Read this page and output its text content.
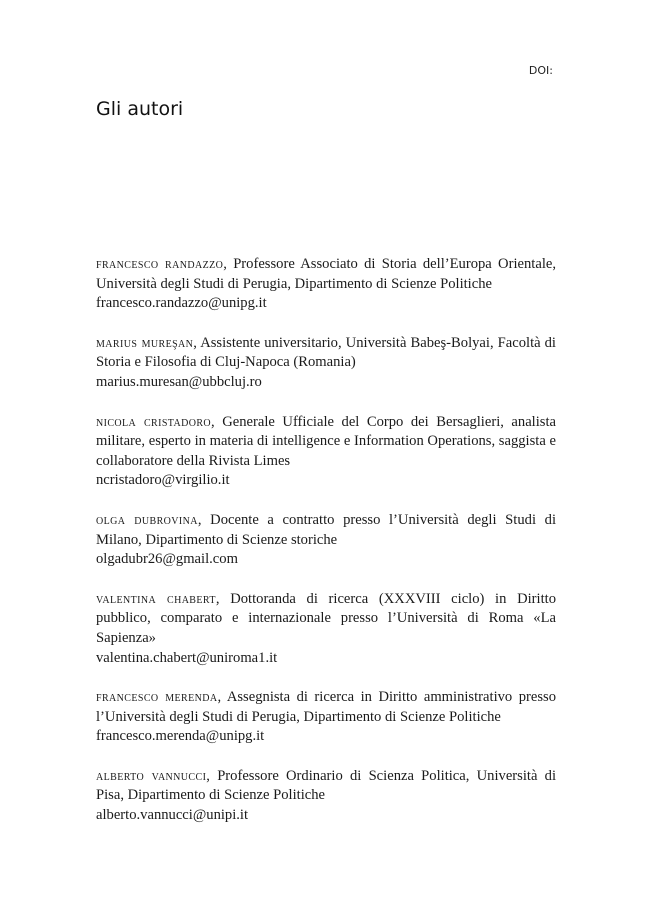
DOI:
Gli autori
francesco randazzo, Professore Associato di Storia dell’Europa Orientale, Università degli Studi di Perugia, Dipartimento di Scienze Politiche
francesco.randazzo@unipg.it
marius mureşan, Assistente universitario, Università Babeş-Bolyai, Facoltà di Storia e Filosofia di Cluj-Napoca (Romania)
marius.muresan@ubbcluj.ro
nicola cristadoro, Generale Ufficiale del Corpo dei Bersaglieri, analista militare, esperto in materia di intelligence e Information Operations, saggista e collaboratore della Rivista Limes
ncristadoro@virgilio.it
olga dubrovina, Docente a contratto presso l’Università degli Studi di Milano, Dipartimento di Scienze storiche
olgadubr26@gmail.com
valentina chabert, Dottoranda di ricerca (XXXVIII ciclo) in Diritto pubblico, comparato e internazionale presso l’Università di Roma «La Sapienza»
valentina.chabert@uniroma1.it
francesco merenda, Assegnista di ricerca in Diritto amministrativo presso l’Università degli Studi di Perugia, Dipartimento di Scienze Politiche
francesco.merenda@unipg.it
alberto vannucci, Professore Ordinario di Scienza Politica, Università di Pisa, Dipartimento di Scienze Politiche
alberto.vannucci@unipi.it
